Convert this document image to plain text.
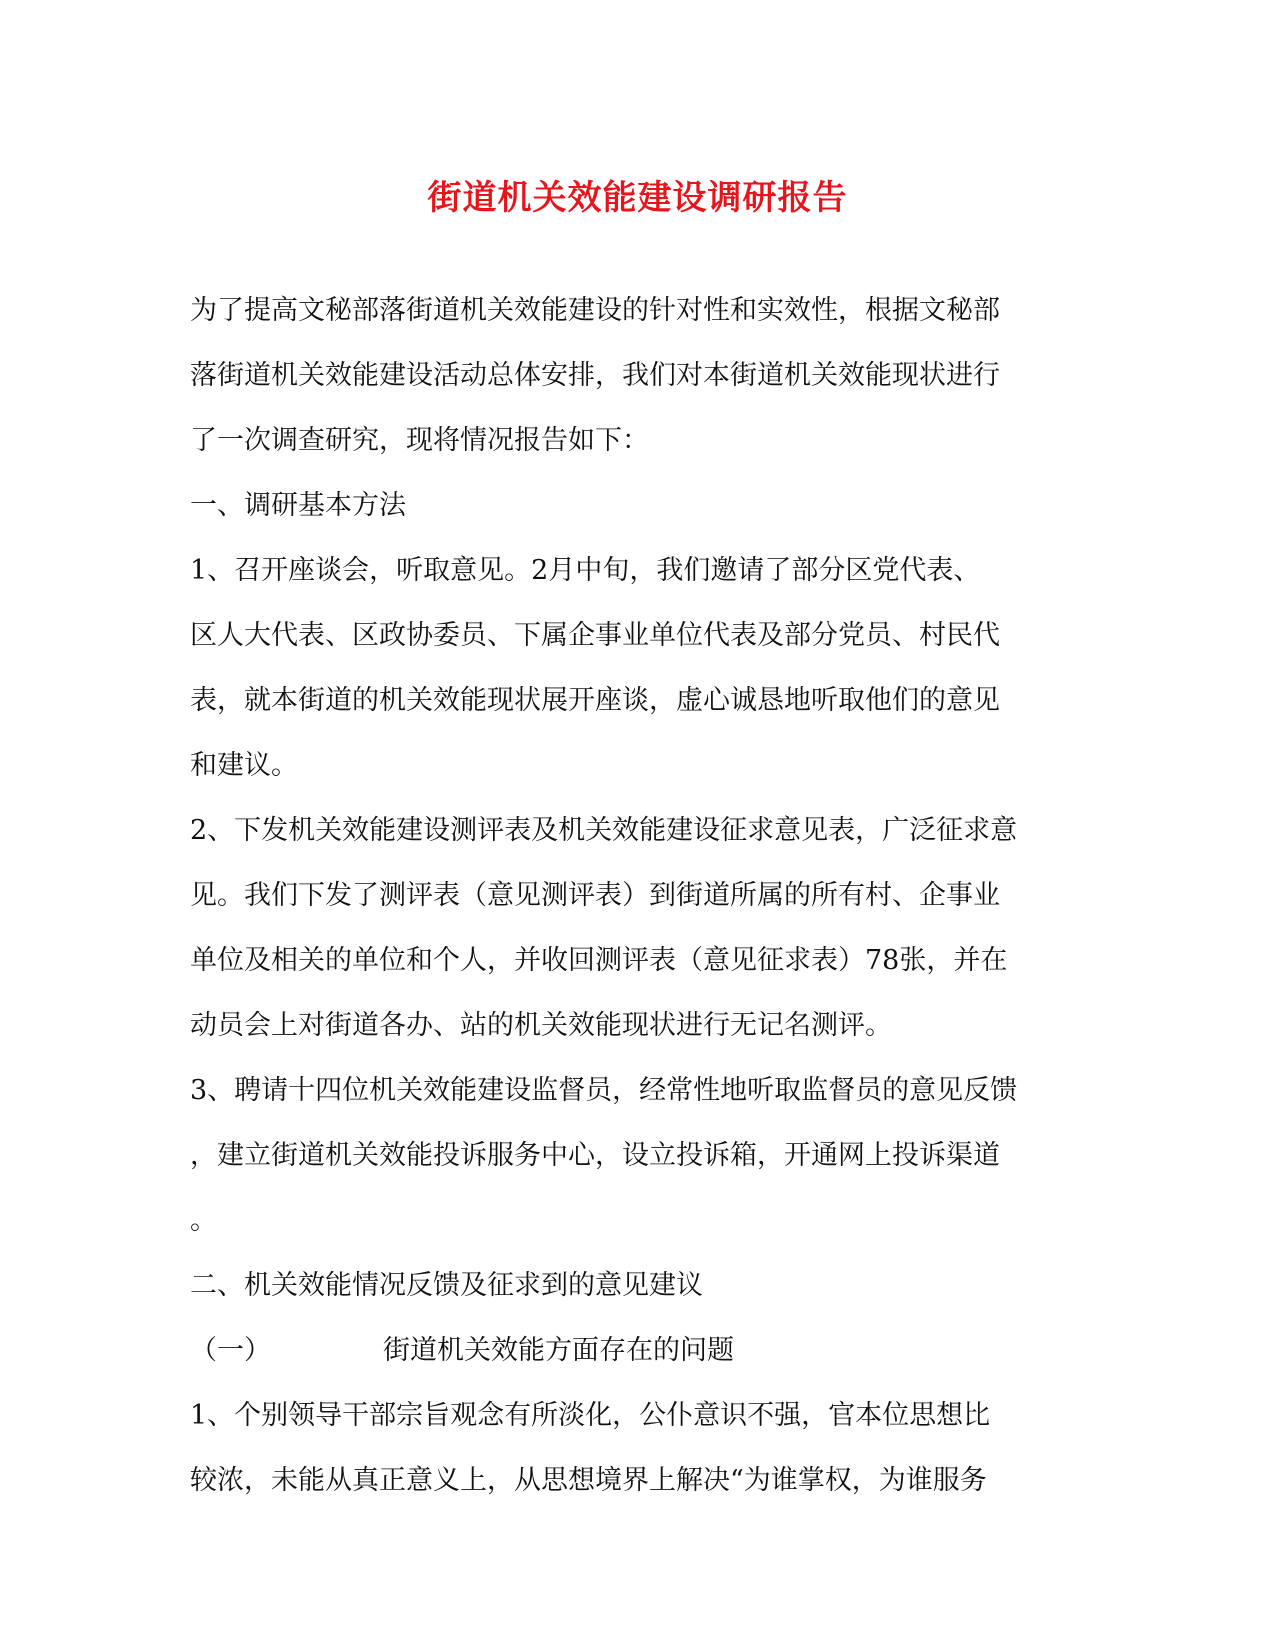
街道机关效能建设调研报告
为了提高文秘部落街道机关效能建设的针对性和实效性，根据文秘部
落街道机关效能建设活动总体安排，我们对本街道机关效能现状进行
了一次调查研究，现将情况报告如下：
一、调研基本方法
1、召开座谈会，听取意见。2月中旬，我们邀请了部分区党代表、
区人大代表、区政协委员、下属企事业单位代表及部分党员、村民代
表，就本街道的机关效能现状展开座谈，虚心诚恳地听取他们的意见
和建议。
2、下发机关效能建设测评表及机关效能建设征求意见表，广泛征求意
见。我们下发了测评表（意见测评表）到街道所属的所有村、企事业
单位及相关的单位和个人，并收回测评表（意见征求表）78张，并在
动员会上对街道各办、站的机关效能现状进行无记名测评。
3、聘请十四位机关效能建设监督员，经常性地听取监督员的意见反馈
，建立街道机关效能投诉服务中心，设立投诉箱，开通网上投诉渠道
。
二、机关效能情况反馈及征求到的意见建议
（一）	街道机关效能方面存在的问题
1、个别领导干部宗旨观念有所淡化，公仆意识不强，官本位思想比
较浓，未能从真正意义上，从思想境界上解决“为谁掌权，为谁服务
